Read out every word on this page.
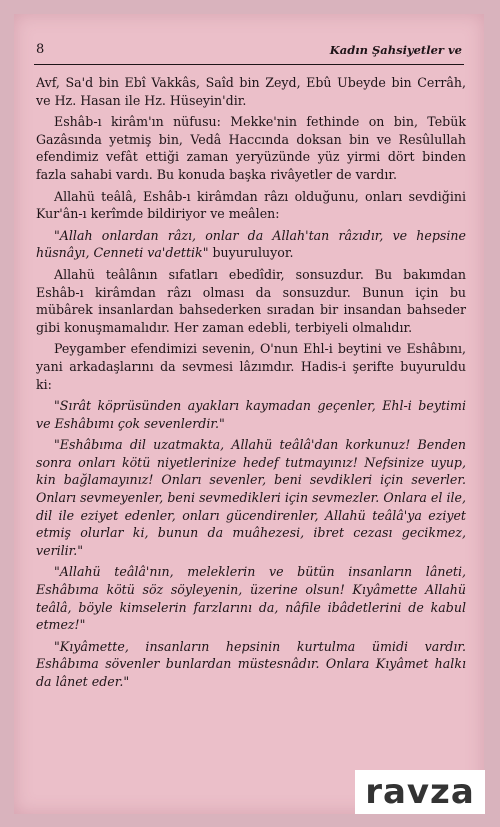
8	Kadın Şahsiyetler ve

Avf, Sa'd bin Ebî Vakkâs, Saîd bin Zeyd, Ebû Ubeyde bin Cerrâh, ve Hz. Hasan ile Hz. Hüseyin'dir.

Eshâb-ı kirâm'ın nüfusu: Mekke'nin fethinde on bin, Tebük Gazâsında yetmiş bin, Vedâ Haccında doksan bin ve Resûlullah efendimiz vefât ettiği zaman yeryüzünde yüz yirmi dört binden fazla sahabi vardı. Bu konuda başka rivâyetler de vardır.

Allahü teâlâ, Eshâb-ı kirâmdan râzı olduğunu, onları sevdiğini Kur'ân-ı kerîmde bildiriyor ve meâlen:

"Allah onlardan râzı, onlar da Allah'tan râzıdır, ve hepsine hüsnâyı, Cenneti va'dettik" buyuruluyor.

Allahü teâlânın sıfatları ebedîdir, sonsuzdur. Bu bakımdan Eshâb-ı kirâmdan râzı olması da sonsuzdur. Bunun için bu mübârek insanlardan bahsederken sıradan bir insandan bahseder gibi konuşmamalıdır. Her zaman edebli, terbiyeli olmalıdır.

Peygamber efendimizi sevenin, O'nun Ehl-i beytini ve Eshâbını, yani arkadaşlarını da sevmesi lâzımdır. Hadis-i şerifte buyuruldu ki:

"Sırât köprüsünden ayakları kaymadan geçenler, Ehl-i beytimi ve Eshâbımı çok sevenlerdir."

"Eshâbıma dil uzatmakta, Allahü teâlâ'dan korkunuz! Benden sonra onları kötü niyetlerinize hedef tutmayınız! Nefsinize uyup, kin bağlamayınız! Onları sevenler, beni sevdikleri için severler. Onları sevmeyenler, beni sevmedikleri için sevmezler. Onlara el ile, dil ile eziyet edenler, onları gücendirenler, Allahü teâlâ'ya eziyet etmiş olurlar ki, bunun da muâhezesi, ibret cezası gecikmez, verilir."

"Allahü teâlâ'nın, meleklerin ve bütün insanların lâneti, Eshâbıma kötü söz söyleyenin, üzerine olsun! Kıyâmette Allahü teâlâ, böyle kimselerin farzlarını da, nâfile ibâdetlerini de kabul etmez!"

"Kıyâmette, insanların hepsinin kurtulma ümidi vardır. Eshâbıma sövenler bunlardan müstesnâdır. Onlara Kıyâmet halkı da lânet eder."

ravza
